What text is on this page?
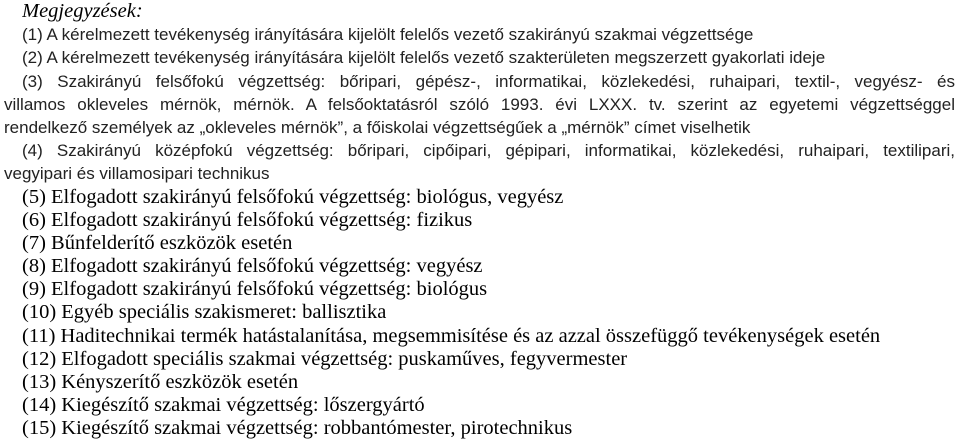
Megjegyzések:
(1) A kérelmezett tevékenység irányítására kijelölt felelős vezető szakirányú szakmai végzettsége
(2) A kérelmezett tevékenység irányítására kijelölt felelős vezető szakterületen megszerzett gyakorlati ideje
(3) Szakirányú felsőfokú végzettség: bőripari, gépész-, informatikai, közlekedési, ruhaipari, textil-, vegyész- és
villamos okleveles mérnök, mérnök. A felsőoktatásról szóló 1993. évi LXXX. tv. szerint az egyetemi végzettséggel
rendelkező személyek az „okleveles mérnök”, a főiskolai végzettségűek a „mérnök” címet viselhetik
(4) Szakirányú középfokú végzettség: bőripari, cipőipari, gépipari, informatikai, közlekedési, ruhaipari, textilipari,
vegyipari és villamosipari technikus
(5) Elfogadott szakirányú felsőfokú végzettség: biológus, vegyész
(6) Elfogadott szakirányú felsőfokú végzettség: fizikus
(7) Bűnfelderítő eszközök esetén
(8) Elfogadott szakirányú felsőfokú végzettség: vegyész
(9) Elfogadott szakirányú felsőfokú végzettség: biológus
(10) Egyéb speciális szakismeret: ballisztika
(11) Haditechnikai termék hatástalanítása, megsemmisítése és az azzal összefüggő tevékenységek esetén
(12) Elfogadott speciális szakmai végzettség: puskaműves, fegyvermester
(13) Kényszerítő eszközök esetén
(14) Kiegészítő szakmai végzettség: lőszergyártó
(15) Kiegészítő szakmai végzettség: robbantómester, pirotechnikus
